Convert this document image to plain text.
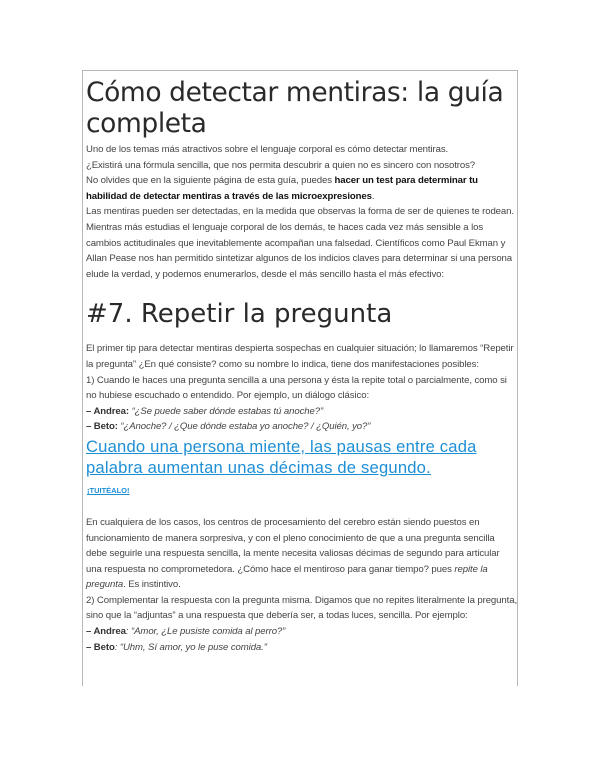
Cómo detectar mentiras: la guía completa

Uno de los temas más atractivos sobre el lenguaje corporal es cómo detectar mentiras.

¿Existirá una fórmula sencilla, que nos permita descubrir a quien no es sincero con nosotros?

No olvides que en la siguiente página de esta guía, puedes hacer un test para determinar tu habilidad de detectar mentiras a través de las microexpresiones.

Las mentiras pueden ser detectadas, en la medida que observas la forma de ser de quienes te rodean. Mientras más estudias el lenguaje corporal de los demás, te haces cada vez más sensible a los cambios actitudinales que inevitablemente acompañan una falsedad. Científicos como Paul Ekman y Allan Pease nos han permitido sintetizar algunos de los indicios claves para determinar si una persona elude la verdad, y podemos enumerarlos, desde el más sencillo hasta el más efectivo:

#7. Repetir la pregunta

El primer tip para detectar mentiras despierta sospechas en cualquier situación; lo llamaremos “Repetir la pregunta” ¿En qué consiste? como su nombre lo indica, tiene dos manifestaciones posibles:

1) Cuando le haces una pregunta sencilla a una persona y ésta la repite total o parcialmente, como si no hubiese escuchado o entendido. Por ejemplo, un diálogo clásico:

– Andrea: “¿Se puede saber dónde estabas tú anoche?”

– Beto: “¿Anoche? / ¿Que dónde estaba yo anoche? / ¿Quién, yo?”

Cuando una persona miente, las pausas entre cada palabra aumentan unas décimas de segundo.
¡TUITÉALO!

En cualquiera de los casos, los centros de procesamiento del cerebro están siendo puestos en funcionamiento de manera sorpresiva, y con el pleno conocimiento de que a una pregunta sencilla debe seguirle una respuesta sencilla, la mente necesita valiosas décimas de segundo para articular una respuesta no comprometedora. ¿Cómo hace el mentiroso para ganar tiempo? pues repite la pregunta. Es instintivo.

2) Complementar la respuesta con la pregunta misma. Digamos que no repites literalmente la pregunta, sino que la “adjuntas” a una respuesta que debería ser, a todas luces, sencilla. Por ejemplo:

– Andrea: “Amor, ¿Le pusiste comida al perro?”

– Beto: “Uhm, Sí amor, yo le puse comida.”
